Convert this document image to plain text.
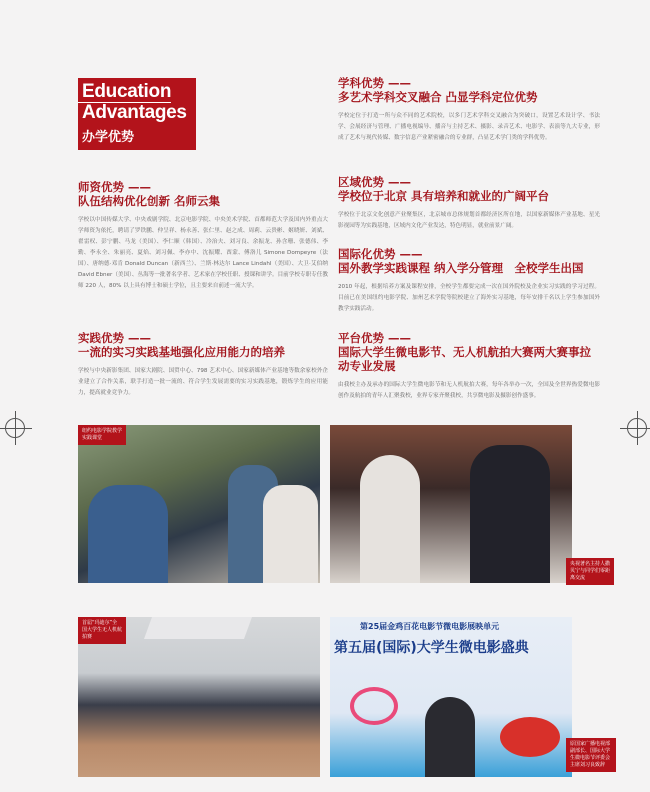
Education
Advantages
办学优势
学科优势 ——
多艺术学科交叉融合 凸显学科定位优势
学校定位于打造一所与众不同的艺术院校，以多门艺术学科交叉融合为突破口，设置艺术设计学、书法学、会展经济与管理、广播电视编导、播音与主持艺术、摄影、录音艺术、电影学、表演等九大专业，形成了艺术与现代传媒、数字信息产业紧密融合的专业群，凸显艺术学门类的学科优势。
师资优势 ——
队伍结构优化创新 名师云集
学校以中国传媒大学、中央戏剧学院、北京电影学院、中央美术学院、首都师范大学及国内外重点大学师资为依托，聘请了罗铁鹏、仲呈祥、杨永善、张仁里、赵之成、周莉、云贵彬、姬晓妍、刘斌、翟雷权、彭宁鹏、马龙（美国）、李仁顺（韩国）、冷治夫、刘习良、余振龙、孙含珊、张德伟、李勤、李永全、朱丽亮、夏焰、刘习佩、李亦中、沈振耀、酉蒙、傅洛儿 Simone Dompeyre（法国）、唐纳德·邓肯 Donald Duncan（新西兰）、兰斯·林达尔 Lance Lindahl（美国）、大卫·艾伯纳 David Ebner（美国）、丛海等一批著名学者、艺术家在学校任职、授课和讲学。目前学校专职专任教师 220 人，80% 以上具有博士和硕士学位，且主要来自前述一流大学。
区域优势 ——
学校位于北京 具有培养和就业的广阔平台
学校位于北京文化创意产业聚集区，北京城市总体规划首都经济区所在地，以国家新媒体产业基地、星光影视园等为实践基地，区域内文化产业发达，特色明显，就业前景广阔。
国际化优势 ——
国外教学实践课程 纳入学分管理　全校学生出国
2010 年起，根据培养方案及课程安排，全校学生都要完成一次在国外院校及企业实习实践的学习过程。目前已在美国纽约电影学院、加州艺术学院等院校建立了海外实习基地，每年安排千名以上学生参加国外教学实践活动。
实践优势 ——
一流的实习实践基地强化应用能力的培养
学校与中央新影集团、国家大剧院、国贸中心、798 艺术中心、国家新媒体产业基地等数余家校外企业建立了合作关系，联手打造一批一流的、符合学生发展需要的实习实践基地，锻炼学生的应用能力，提高就业竞争力。
平台优势 ——
国际大学生微电影节、无人机航拍大赛两大赛事拉动专业发展
由我校主办及承办的国际大学生微电影节和无人机航拍大赛，每年各举办一次，全国及全世界热爱微电影创作及航拍的青年人汇聚我校，业界专家齐聚我校，共享微电影及摄影创作盛事。
纽约电影学院教学实践课堂
央视著名主持人撒贝宁与同学们零距离交流
首届“玛迪尔”全国大学生无人机航拍赛
第25届金鸡百花电影节微电影展映单元
第五届(国际)大学生微电影盛典
原国家广播电视部副部长、国际大学生微电影节评委会主席刘习良致辞
